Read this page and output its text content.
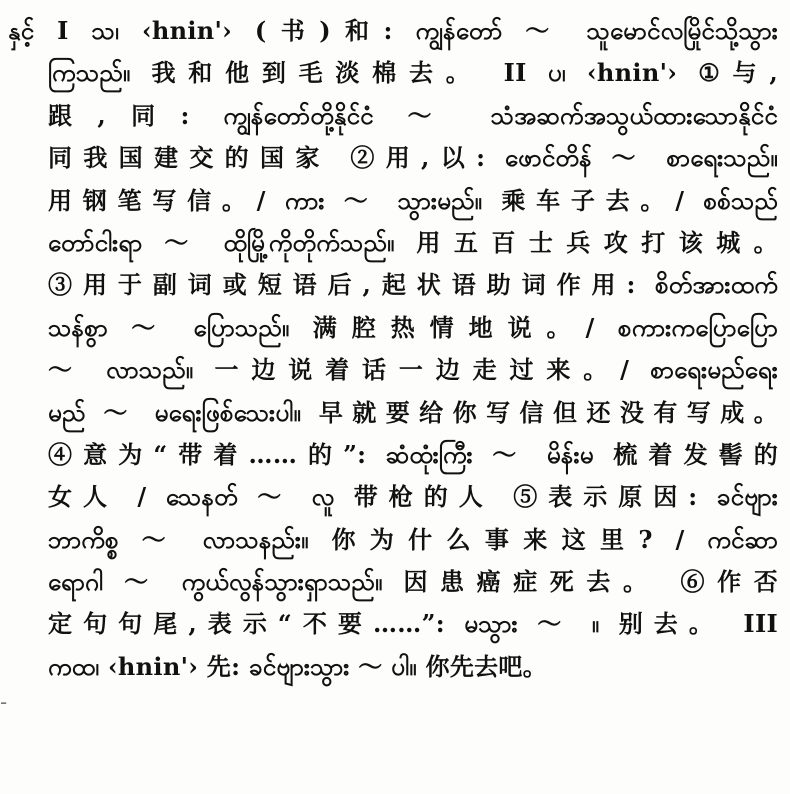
နှင့် I သ၊ ‹hnin'› (书)和: ကျွန်တော် ～ သူမောင်လမြိုင်သို့သွား
ကြသည်။ 我和他到毛淡棉去。 II ပ၊ ‹hnin'› ①与,
跟,同: ကျွန်တော်တို့နိုင်ငံ ～ သံအဆက်အသွယ်ထားသောနိုင်ငံ
同我国建交的国家 ②用,以: ဖောင်တိန် ～ စာရေးသည်။
用钢笔写信。/ ကား ～ သွားမည်။ 乘车子去。/ စစ်သည်
တော်ငါးရာ ～ ထိုမြို့ကိုတိုက်သည်။ 用五百士兵攻打该城。
③用于副词或短语后,起状语助词作用: စိတ်အားထက်
သန်စွာ ～ ပြောသည်။ 满腔热情地说。/ စကားကပြောပြော
～ လာသည်။ 一边说着话一边走过来。/ စာရေးမည်ရေး
မည် ～ မရေးဖြစ်သေးပါ။ 早就要给你写信但还没有写成。
④意为“带着……的”: ဆံထုံးကြီး ～ မိန်းမ 梳着发髻的
女人 / သေနတ် ～ လူ 带枪的人 ⑤表示原因: ခင်ဗျား
ဘာကိစ္စ ～ လာသနည်း။ 你为什么事来这里? / ကင်ဆာ
ရောဂါ ～ ကွယ်လွန်သွားရှာသည်။ 因患癌症死去。 ⑥作否
定句句尾,表示“不要……”: မသွား ～ ။ 别去。 III
ကထ၊ ‹hnin'› 先: ခင်ဗျားသွား ～ ပါ။ 你先去吧。
-
